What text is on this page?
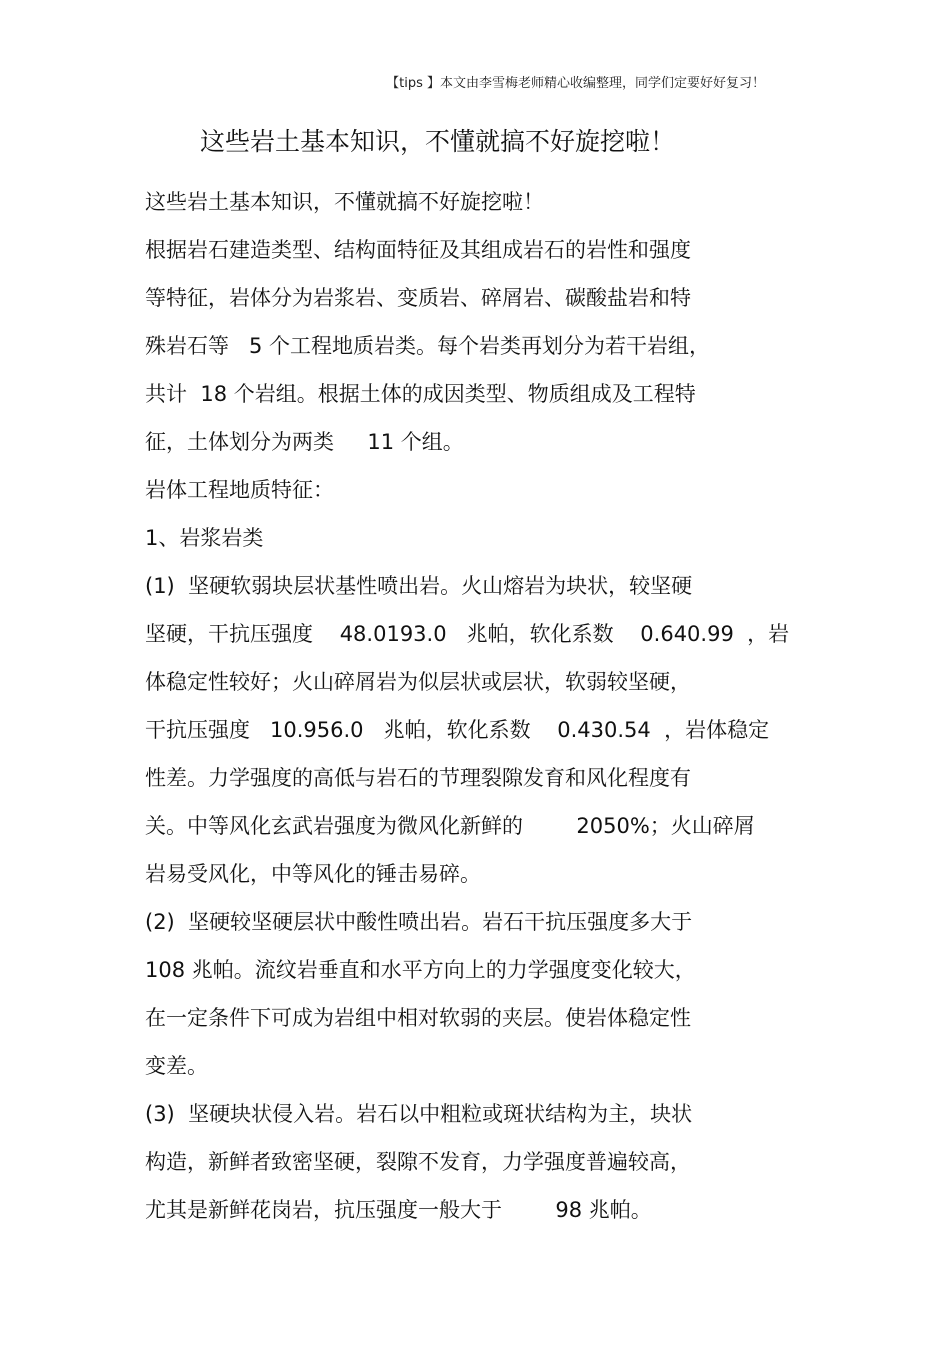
【tips 】本文由李雪梅老师精心收编整理，同学们定要好好复习！
这些岩土基本知识，不懂就搞不好旋挖啦！
这些岩土基本知识，不懂就搞不好旋挖啦！
根据岩石建造类型、结构面特征及其组成岩石的岩性和强度
等特征，岩体分为岩浆岩、变质岩、碎屑岩、碳酸盐岩和特
殊岩石等   5 个工程地质岩类。每个岩类再划分为若干岩组，
共计  18 个岩组。根据土体的成因类型、物质组成及工程特
征，土体划分为两类     11 个组。
岩体工程地质特征：
1、岩浆岩类
(1)  坚硬软弱块层状基性喷出岩。火山熔岩为块状，较坚硬
坚硬，干抗压强度    48.0193.0   兆帕，软化系数    0.640.99  ，岩
体稳定性较好；火山碎屑岩为似层状或层状，软弱较坚硬，
干抗压强度   10.956.0   兆帕，软化系数    0.430.54  ，岩体稳定
性差。力学强度的高低与岩石的节理裂隙发育和风化程度有
关。中等风化玄武岩强度为微风化新鲜的        2050%；火山碎屑
岩易受风化，中等风化的锤击易碎。
(2)  坚硬较坚硬层状中酸性喷出岩。岩石干抗压强度多大于
108 兆帕。流纹岩垂直和水平方向上的力学强度变化较大，
在一定条件下可成为岩组中相对软弱的夹层。使岩体稳定性
变差。
(3)  坚硬块状侵入岩。岩石以中粗粒或斑状结构为主，块状
构造，新鲜者致密坚硬，裂隙不发育，力学强度普遍较高，
尤其是新鲜花岗岩，抗压强度一般大于        98 兆帕。
